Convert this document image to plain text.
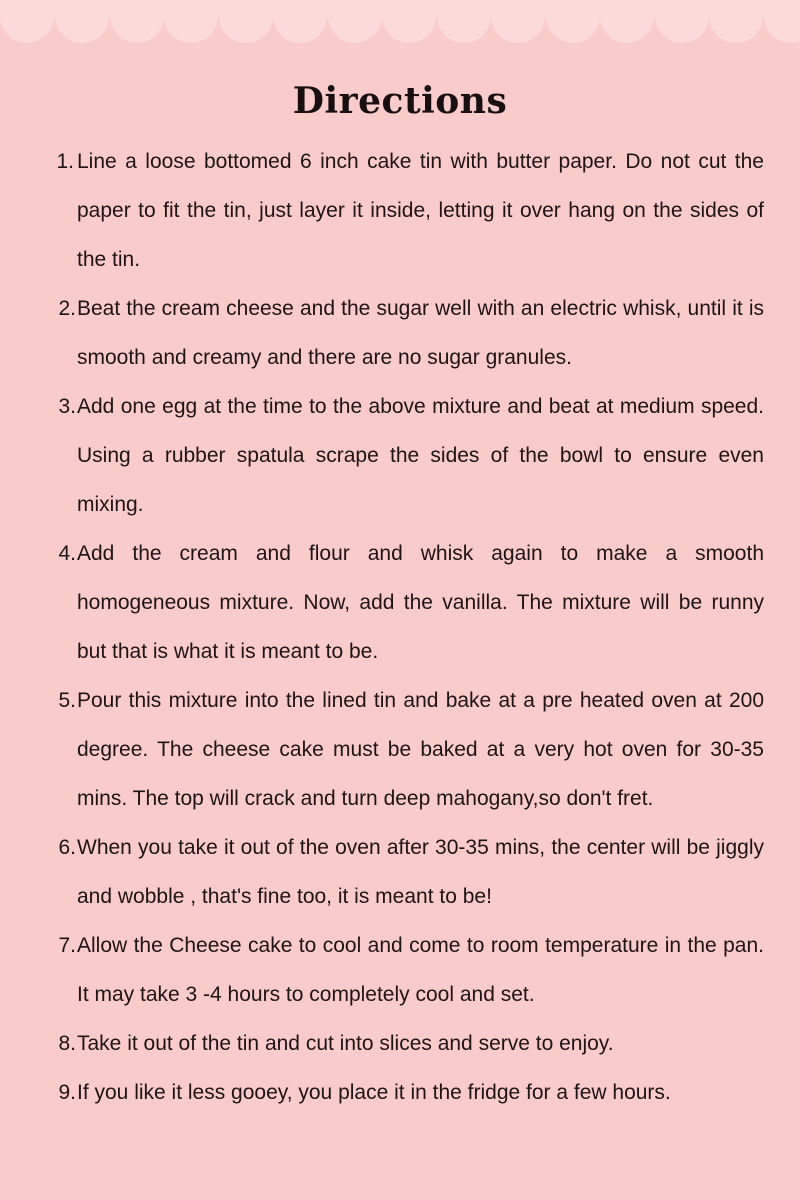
Directions
1. Line a loose bottomed 6 inch cake tin with butter paper. Do not cut the paper to fit the tin, just layer it inside, letting it over hang on the sides of the tin.
2. Beat the cream cheese and the sugar well with an electric whisk, until it is smooth and creamy and there are no sugar granules.
3. Add one egg at the time to the above mixture and beat at medium speed. Using a rubber spatula scrape the sides of the bowl to ensure even mixing.
4. Add the cream and flour and whisk again to make a smooth homogeneous mixture. Now, add the vanilla. The mixture will be runny but that is what it is meant to be.
5. Pour this mixture into the lined tin and bake at a pre heated oven at 200 degree. The cheese cake must be baked at a very hot oven for 30-35 mins. The top will crack and turn deep mahogany,so don't fret.
6. When you take it out of the oven after 30-35 mins, the center will be jiggly and wobble , that's fine too, it is meant to be!
7. Allow the Cheese cake to cool and come to room temperature in the pan. It may take 3 -4 hours to completely cool and set.
8. Take it out of the tin and cut into slices and serve to enjoy.
9. If you like it less gooey, you place it in the fridge for a few hours.
